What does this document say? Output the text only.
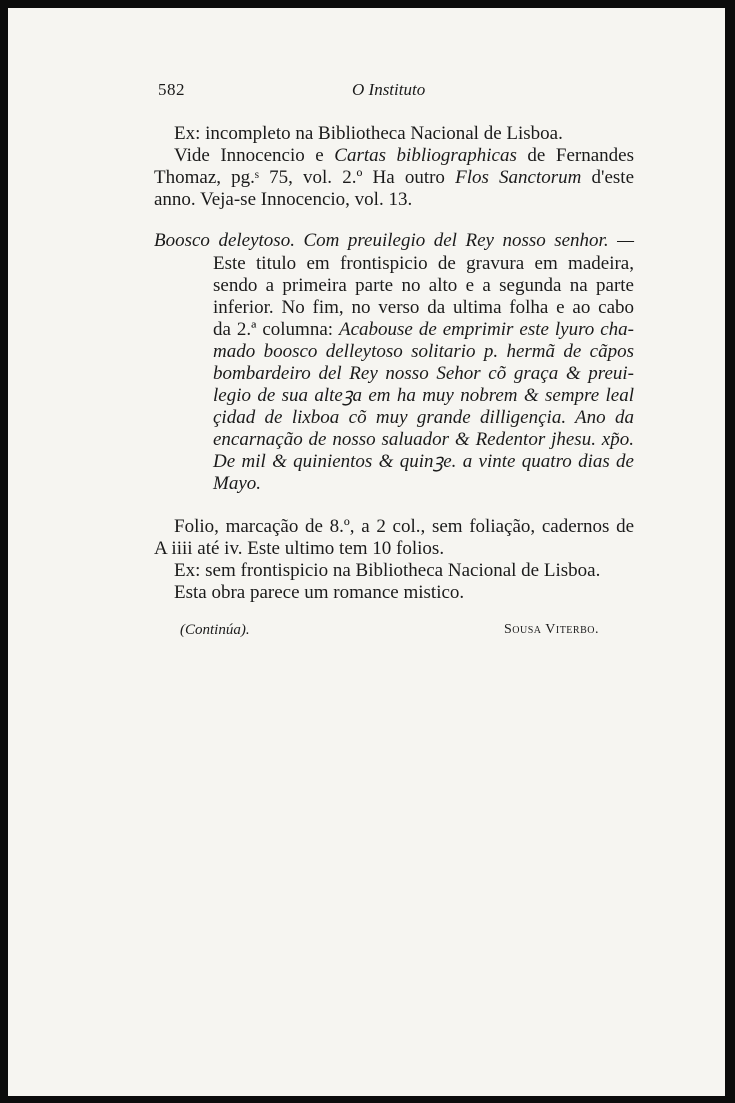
582	O Instituto
Ex: incompleto na Bibliotheca Nacional de Lisboa.
Vide Innocencio e Cartas bibliographicas de Fernandes
Thomaz, pg.ˢ 75, vol. 2.º Ha outro Flos Sanctorum d'este
anno. Veja-se Innocencio, vol. 13.
Boosco deleytoso. Com preuilegio del Rey nosso senhor. —
Este titulo em frontispicio de gravura em madeira,
sendo a primeira parte no alto e a segunda na parte
inferior. No fim, no verso da ultima folha e ao cabo
da 2.ª columna: Acabouse de emprimir este lyuro cha-
mado boosco delleytoso solitario p. hermã de cãpos
bombardeiro del Rey nosso Sehor cõ graça & preui-
legio de sua alteꝫa em ha muy nobrem & sempre leal
çidad de lixboa cõ muy grande dilligençia. Ano da
encarnação de nosso saluador & Redentor jhesu. xp̃o.
De mil & quinientos & quinꝫe. a vinte quatro dias de
Mayo.
Folio, marcação de 8.º, a 2 col., sem foliação, cadernos de
A iiii até iv. Este ultimo tem 10 folios.
Ex: sem frontispicio na Bibliotheca Nacional de Lisboa.
Esta obra parece um romance mistico.
(Continúa).	Sousa Viterbo.
